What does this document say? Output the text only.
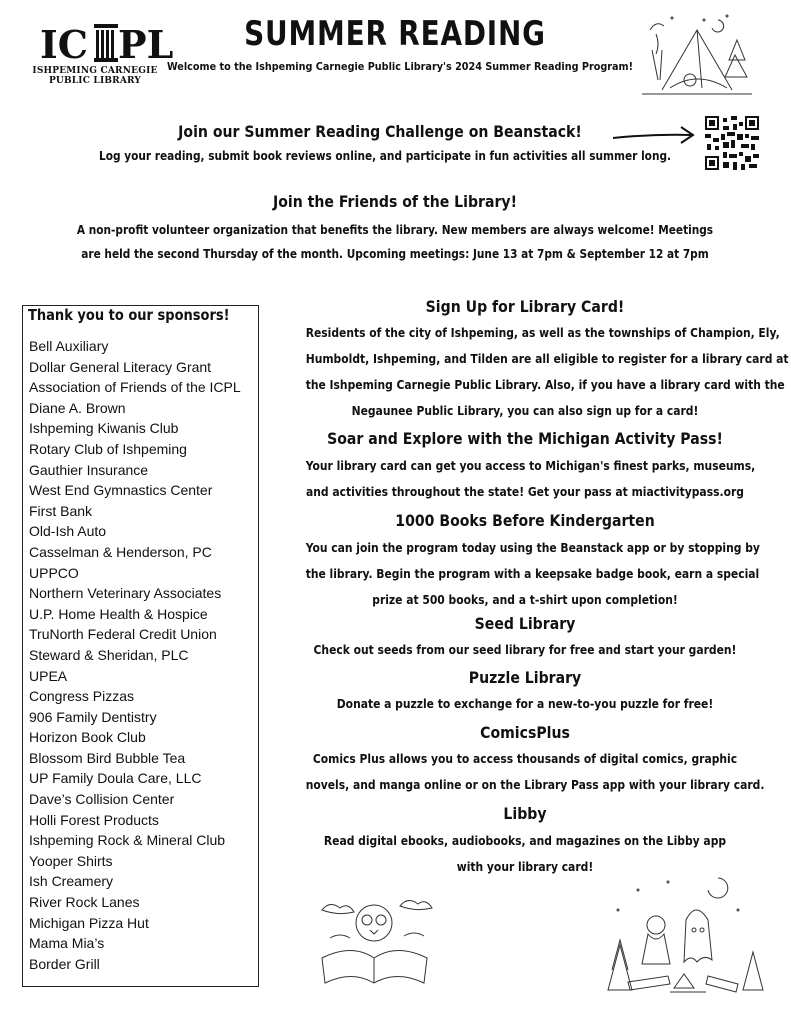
IC PL
ISHPEMING CARNEGIE
PUBLIC LIBRARY
SUMMER READING
Welcome to the Ishpeming Carnegie Public Library's 2024 Summer Reading Program!
Join our Summer Reading Challenge on Beanstack!
Log your reading, submit book reviews online, and participate in fun activities all summer long.
Join the Friends of the Library!
A non-profit volunteer organization that benefits the library. New members are always welcome! Meetings
are held the second Thursday of the month. Upcoming meetings: June 13 at 7pm & September 12 at 7pm
Thank you to our sponsors!
Bell Auxiliary
Dollar General Literacy Grant
Association of Friends of the ICPL
Diane A. Brown
Ishpeming Kiwanis Club
Rotary Club of Ishpeming
Gauthier Insurance
West End Gymnastics Center
First Bank
Old-Ish Auto
Casselman & Henderson, PC
UPPCO
Northern Veterinary Associates
U.P. Home Health & Hospice
TruNorth Federal Credit Union
Steward & Sheridan, PLC
UPEA
Congress Pizzas
906 Family Dentistry
Horizon Book Club
Blossom Bird Bubble Tea
UP Family Doula Care, LLC
Dave’s Collision Center
Holli Forest Products
Ishpeming Rock & Mineral Club
Yooper Shirts
Ish Creamery
River Rock Lanes
Michigan Pizza Hut
Mama Mia’s
Border Grill
Sign Up for Library Card!
Residents of the city of Ishpeming, as well as the townships of Champion, Ely,
Humboldt, Ishpeming, and Tilden are all eligible to register for a library card at
the Ishpeming Carnegie Public Library. Also, if you have a library card with the
Negaunee Public Library, you can also sign up for a card!
Soar and Explore with the Michigan Activity Pass!
Your library card can get you access to Michigan's finest parks, museums,
and activities throughout the state! Get your pass at miactivitypass.org
1000 Books Before Kindergarten
You can join the program today using the Beanstack app or by stopping by
the library. Begin the program with a keepsake badge book, earn a special
prize at 500 books, and a t-shirt upon completion!
Seed Library
Check out seeds from our seed library for free and start your garden!
Puzzle Library
Donate a puzzle to exchange for a new-to-you puzzle for free!
ComicsPlus
Comics Plus allows you to access thousands of digital comics, graphic
novels, and manga online or on the Library Pass app with your library card.
Libby
Read digital ebooks, audiobooks, and magazines on the Libby app
with your library card!
